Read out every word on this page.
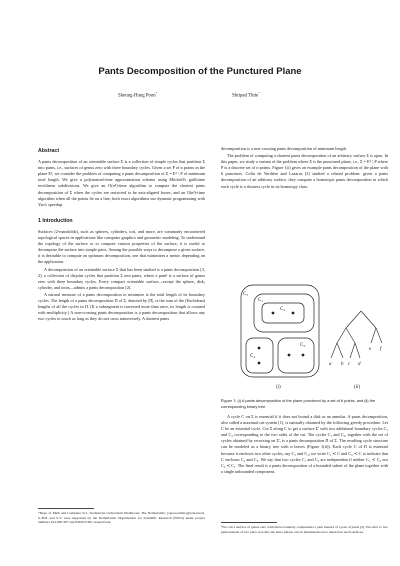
Pants Decomposition of the Punctured Plane
Sheung-Hung Poon*
Shripad Thite*
Abstract

A pants decomposition of an orientable surface Σ is a collection of simple cycles that partition Σ into pants, i.e., surfaces of genus zero with three boundary cycles. Given a set P of n points in the plane E², we consider the problem of computing a pants decomposition of Σ = E² \ P of minimum total length. We give a polynomial-time approximation scheme using Mitchell's guillotine rectilinear subdivisions. We give an O(n⁴)-time algorithm to compute the shortest pants decomposition of Σ when the cycles are restricted to be axis-aligned boxes, and an O(n²)-time algorithm when all the points lie on a line; both exact algorithms use dynamic programming with Yao's speedup.

1 Introduction

Surfaces (2-manifolds), such as spheres, cylinders, tori, and more, are commonly encountered topological spaces in applications like computer graphics and geometric modeling. To understand the topology of the surface or to compute various properties of the surface, it is useful to decompose the surface into simple parts. Among the possible ways to decompose a given surface, it is desirable to compute an optimum decomposition, one that minimizes a metric depending on the application.

A decomposition of an orientable surface Σ that has been studied is a pants decomposition [3, 2], a collection of disjoint cycles that partition Σ into pants, where a pant¹ is a surface of genus zero with three boundary cycles. Every compact orientable surface—except the sphere, disk, cylinder, and torus—admits a pants decomposition [2].

A natural measure of a pants decomposition to minimize is the total length of its boundary cycles. The length of a pants decomposition Π of Σ, denoted by |Π|, is the sum of the (Euclidean) lengths of all the cycles in Π. (If a subsegment is traversed more than once, its length is counted with multiplicity.) A non-crossing pants decomposition is a pants decomposition that allows any two cycles to touch as long as they do not cross transversely. A shortest pants

*Dept. of Math and Computer Sci., Technische Universiteit Eindhoven, The Netherlands; {spoon,sthite}@win.tue.nl. S.-H.P. and S.T. were supported by the Netherlands' Organisation for Scientific Research (NWO) under project numbers 612.065.307 and 639.023.301 respectively.

decomposition is a non-crossing pants decomposition of minimum length.

The problem of computing a shortest pants decomposition of an arbitrary surface Σ is open. In this paper, we study a variant of the problem where Σ is the punctured plane, i.e., Σ = E² \ P where P is a discrete set of n points. Figure 1(i) gives an example pants decomposition of the plane with 6 punctures. Colin de Verdière and Lazarus [2] studied a related problem: given a pants decomposition of an arbitrary surface, they compute a homotopic pants decomposition in which each cycle is a shortest cycle in its homotopy class.

C₁
C₂
C₃
C₄
C₅
(i)
a b c d
e f
(ii)
Figure 1: (i) A pants decomposition of the plane punctured by a set of 6 points, and (ii) the corresponding binary tree.

A cycle C on Σ is essential if it does not bound a disk or an annulus. A pants decomposition, also called a maximal cut system [1], is naturally obtained by the following greedy procedure. Let C be an essential cycle. Cut Σ along C to get a surface Σ' with two additional boundary cycles C₁ and C₂ corresponding to the two sides of the cut. The cycles C₁ and C₂, together with the set of cycles obtained by recursing on Σ', is a pants decomposition Π of Σ. The resulting cycle structure can be modeled as a binary tree with n leaves (Figure 1(ii)). Each cycle C of Π is essential because it encloses two other cycles, say C₁ and C₂; we write C₁ ≺ C and C₂ ≺ C to indicate that C encloses C₁ and C₂. We say that two cycles C₁ and C₂ are independent if neither C₁ ≺ C₂ nor C₂ ≺ C₁. The final result is a pants decomposition of a bounded subset of the plane together with a single unbounded component.

¹We call a surface of genus zero with three boundary components a pant instead of a pair of pants [2]. We refer to two pants instead of two pairs of pants; the latter phrase can be misunderstood to mean four such surfaces.
